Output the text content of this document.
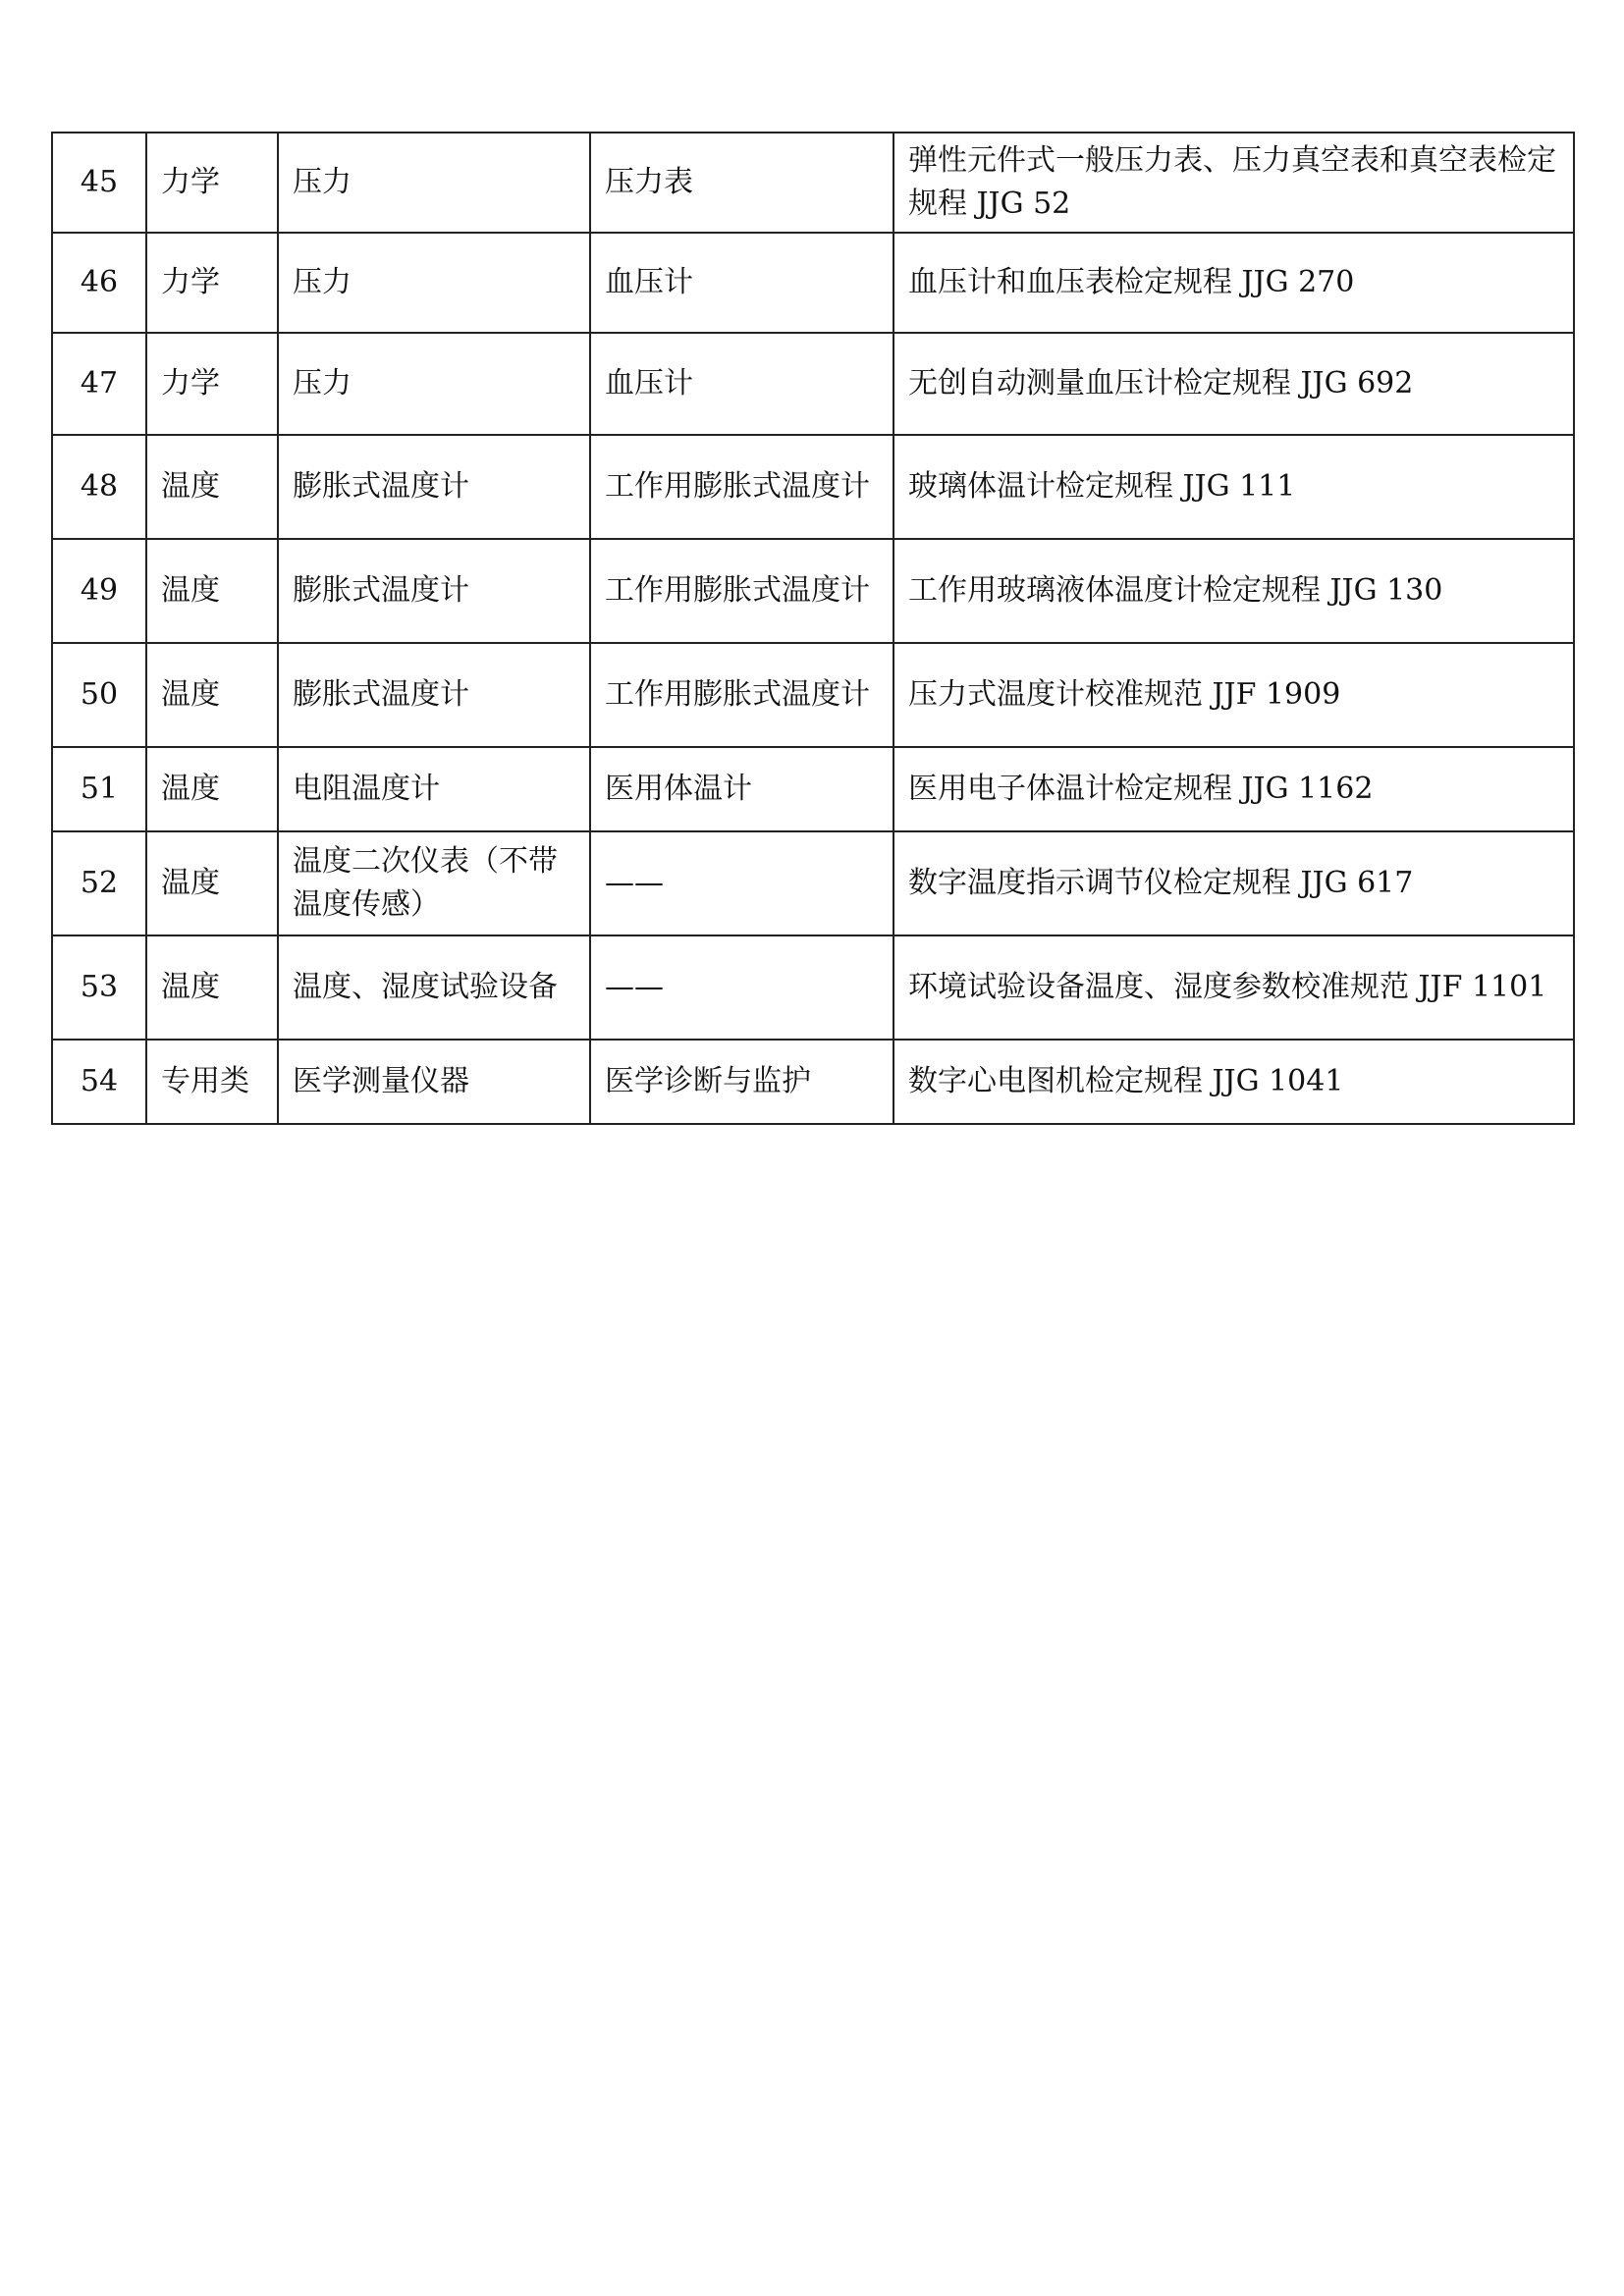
45	力学	压力	压力表	弹性元件式一般压力表、压力真空表和真空表检定规程 JJG 52
46	力学	压力	血压计	血压计和血压表检定规程 JJG 270
47	力学	压力	血压计	无创自动测量血压计检定规程 JJG 692
48	温度	膨胀式温度计	工作用膨胀式温度计	玻璃体温计检定规程 JJG 111
49	温度	膨胀式温度计	工作用膨胀式温度计	工作用玻璃液体温度计检定规程 JJG 130
50	温度	膨胀式温度计	工作用膨胀式温度计	压力式温度计校准规范 JJF 1909
51	温度	电阻温度计	医用体温计	医用电子体温计检定规程 JJG 1162
52	温度	温度二次仪表（不带温度传感）	——	数字温度指示调节仪检定规程 JJG 617
53	温度	温度、湿度试验设备	——	环境试验设备温度、湿度参数校准规范 JJF 1101
54	专用类	医学测量仪器	医学诊断与监护	数字心电图机检定规程 JJG 1041
